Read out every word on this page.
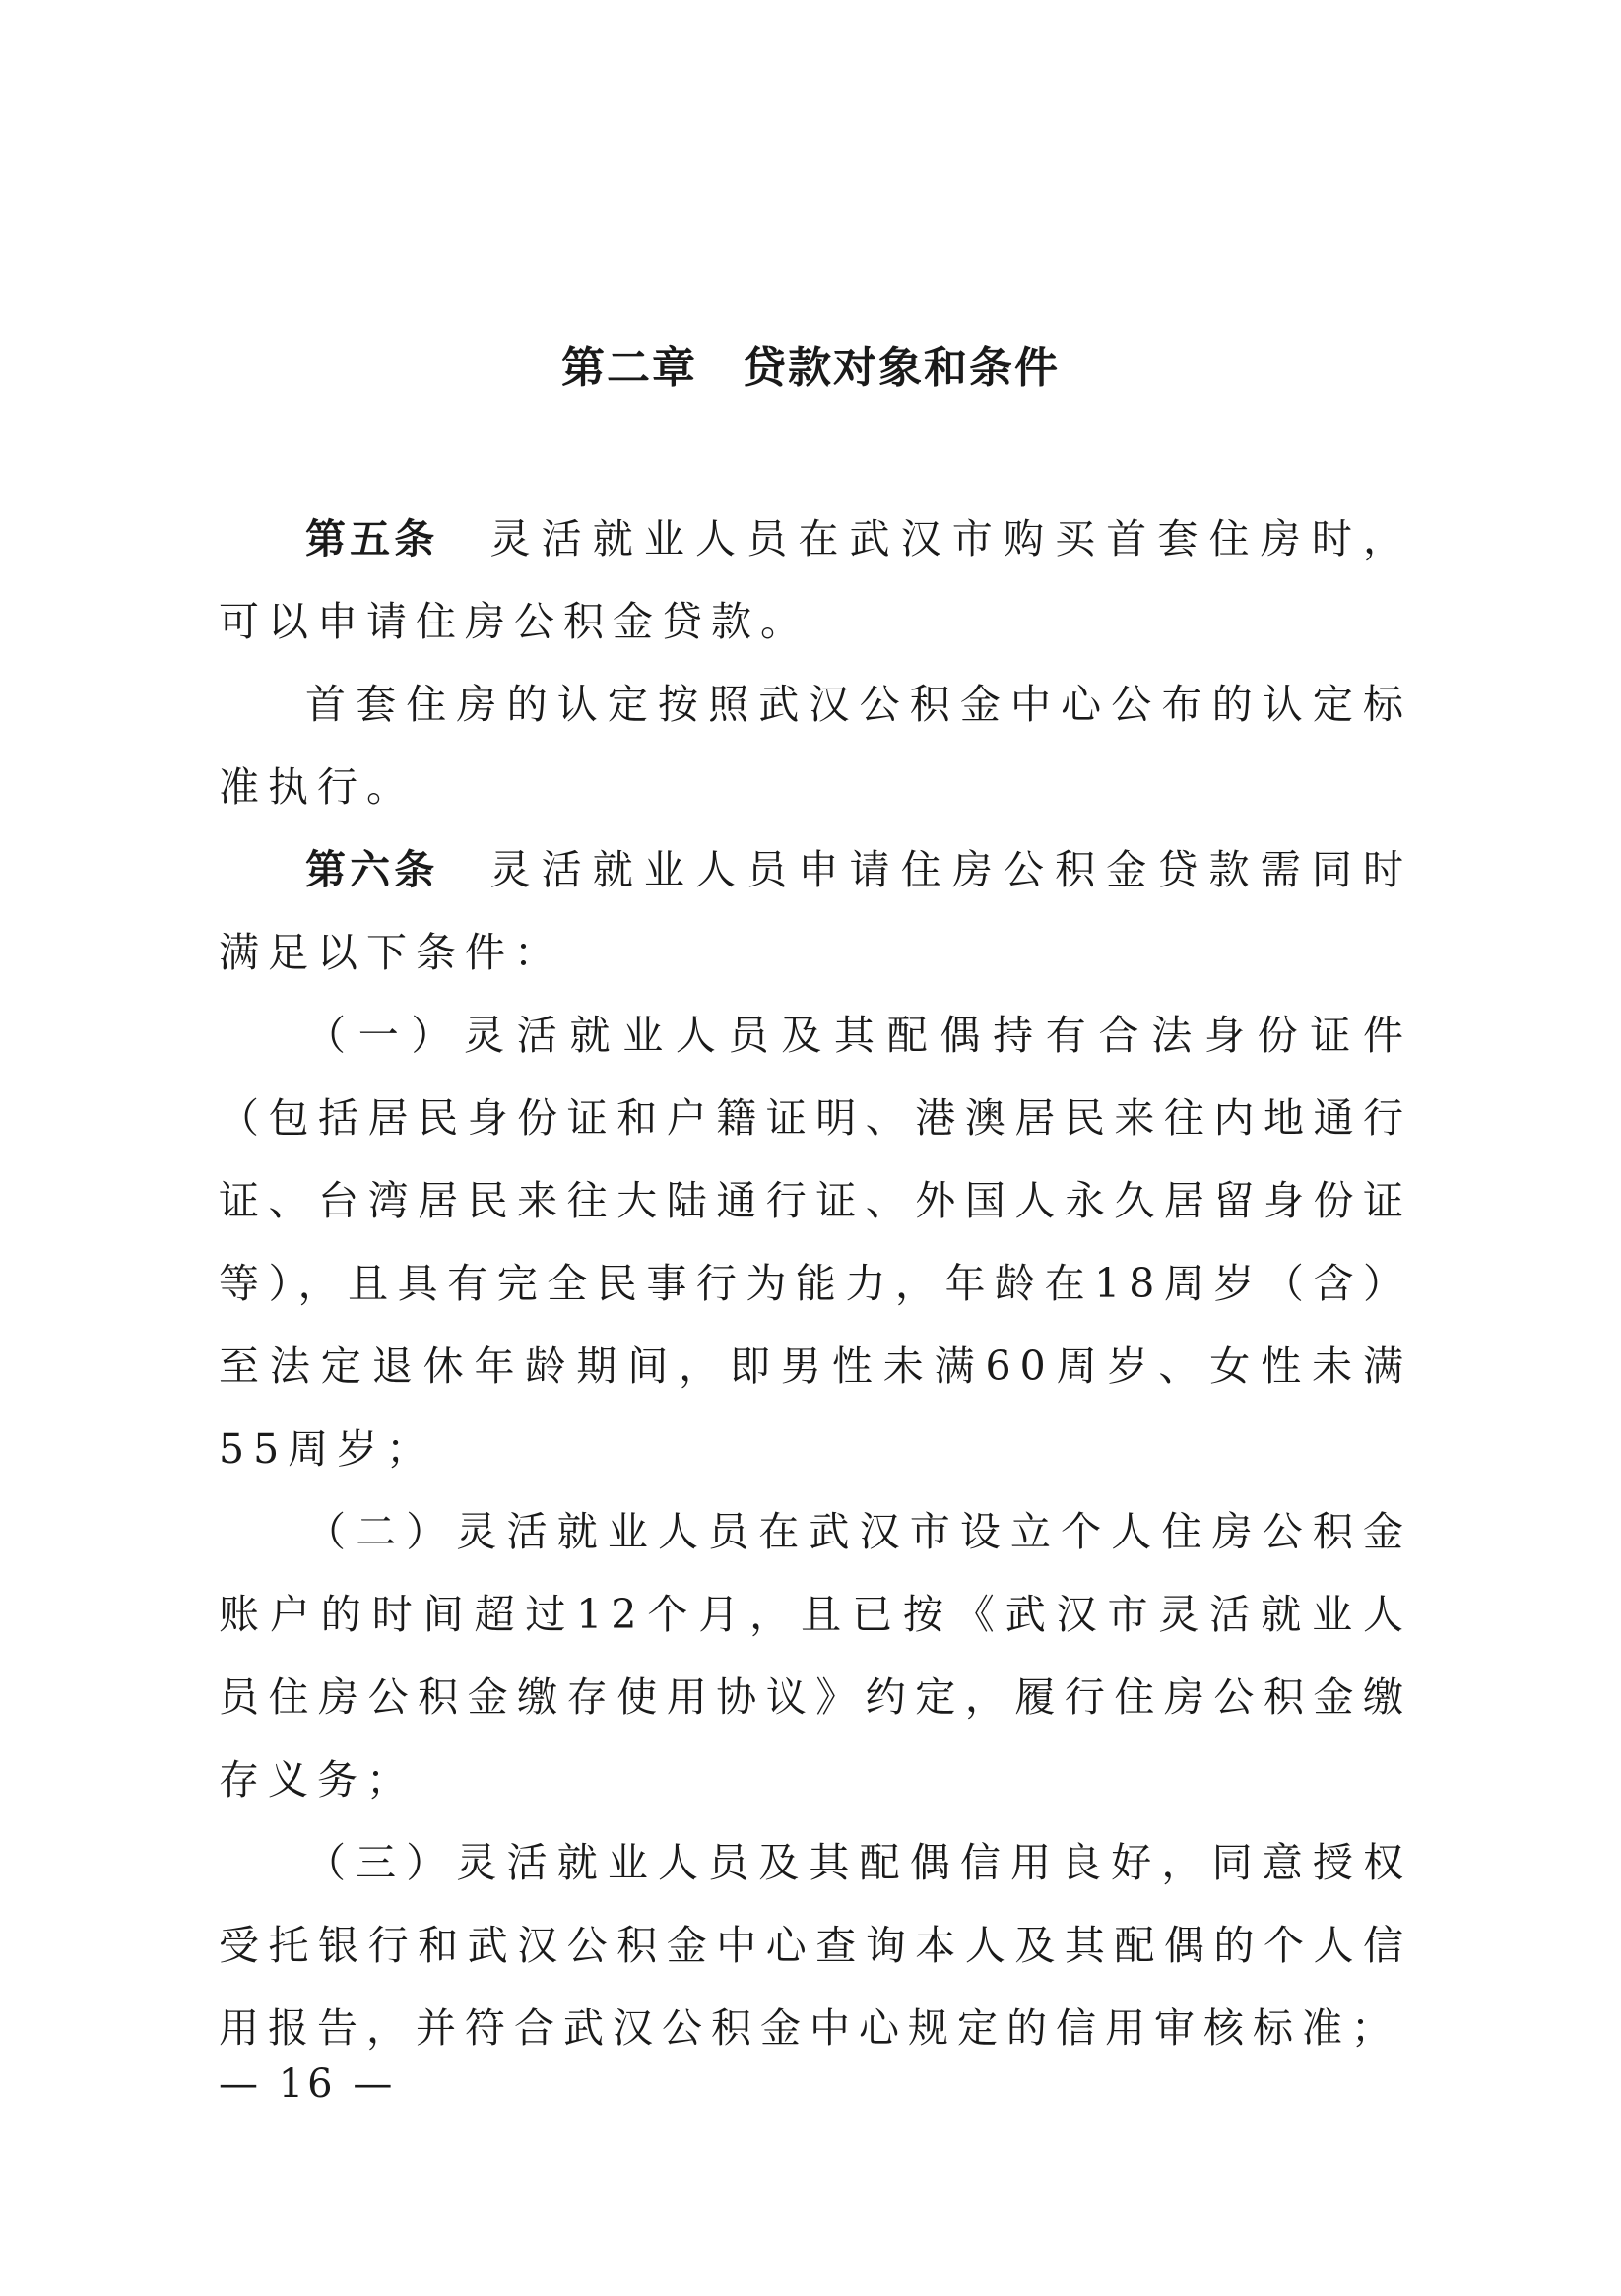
第二章　贷款对象和条件

第五条 灵活就业人员在武汉市购买首套住房时，可以申请住房公积金贷款。

首套住房的认定按照武汉公积金中心公布的认定标准执行。

第六条 灵活就业人员申请住房公积金贷款需同时满足以下条件：

（一）灵活就业人员及其配偶持有合法身份证件（包括居民身份证和户籍证明、港澳居民来往内地通行证、台湾居民来往大陆通行证、外国人永久居留身份证等），且具有完全民事行为能力，年龄在18周岁（含）至法定退休年龄期间，即男性未满60周岁、女性未满55周岁；

（二）灵活就业人员在武汉市设立个人住房公积金账户的时间超过12个月，且已按《武汉市灵活就业人员住房公积金缴存使用协议》约定，履行住房公积金缴存义务；

（三）灵活就业人员及其配偶信用良好，同意授权受托银行和武汉公积金中心查询本人及其配偶的个人信用报告，并符合武汉公积金中心规定的信用审核标准；

— 16 —
